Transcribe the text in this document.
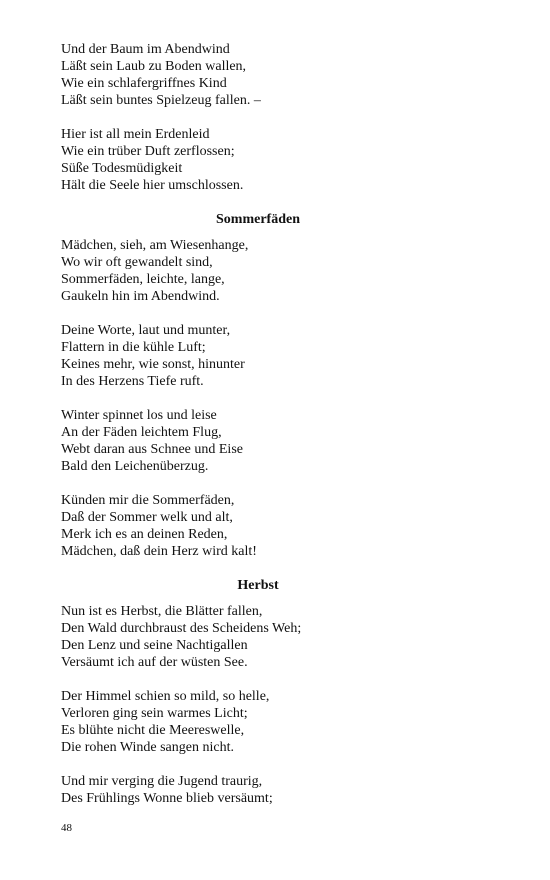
Und der Baum im Abendwind
Läßt sein Laub zu Boden wallen,
Wie ein schlafergriffnes Kind
Läßt sein buntes Spielzeug fallen. –
Hier ist all mein Erdenleid
Wie ein trüber Duft zerflossen;
Süße Todesmüdigkeit
Hält die Seele hier umschlossen.
Sommerfäden
Mädchen, sieh, am Wiesenhange,
Wo wir oft gewandelt sind,
Sommerfäden, leichte, lange,
Gaukeln hin im Abendwind.
Deine Worte, laut und munter,
Flattern in die kühle Luft;
Keines mehr, wie sonst, hinunter
In des Herzens Tiefe ruft.
Winter spinnet los und leise
An der Fäden leichtem Flug,
Webt daran aus Schnee und Eise
Bald den Leichenüberzug.
Künden mir die Sommerfäden,
Daß der Sommer welk und alt,
Merk ich es an deinen Reden,
Mädchen, daß dein Herz wird kalt!
Herbst
Nun ist es Herbst, die Blätter fallen,
Den Wald durchbraust des Scheidens Weh;
Den Lenz und seine Nachtigallen
Versäumt ich auf der wüsten See.
Der Himmel schien so mild, so helle,
Verloren ging sein warmes Licht;
Es blühte nicht die Meereswelle,
Die rohen Winde sangen nicht.
Und mir verging die Jugend traurig,
Des Frühlings Wonne blieb versäumt;
48
